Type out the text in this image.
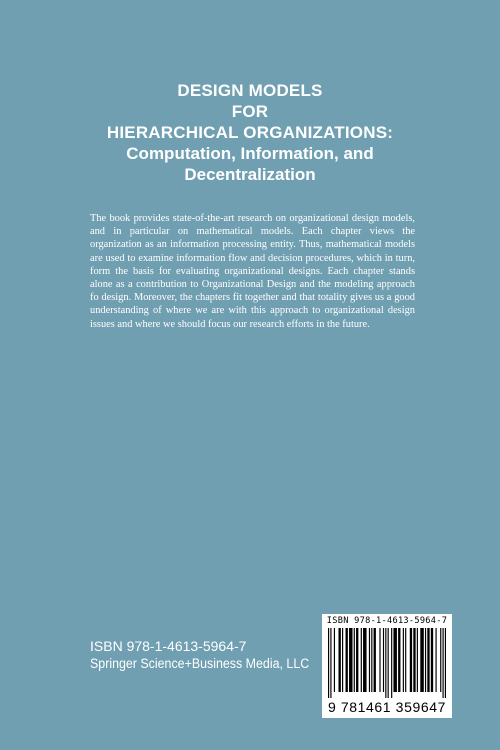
DESIGN MODELS
FOR
HIERARCHICAL ORGANIZATIONS:
Computation, Information, and
Decentralization
The book provides state-of-the-art research on organizational design models, and in particular on mathematical models. Each chapter views the organization as an information processing entity. Thus, mathematical models are used to examine information flow and decision procedures, which in turn, form the basis for evaluating organizational designs. Each chapter stands alone as a contribution to Organizational Design and the modeling approach fo design. Moreover, the chapters fit together and that totality gives us a good understanding of where we are with this approach to organizational design issues and where we should focus our research efforts in the future.
ISBN 978-1-4613-5964-7
Springer Science+Business Media, LLC
ISBN 978-1-4613-5964-7
9 781461 359647
